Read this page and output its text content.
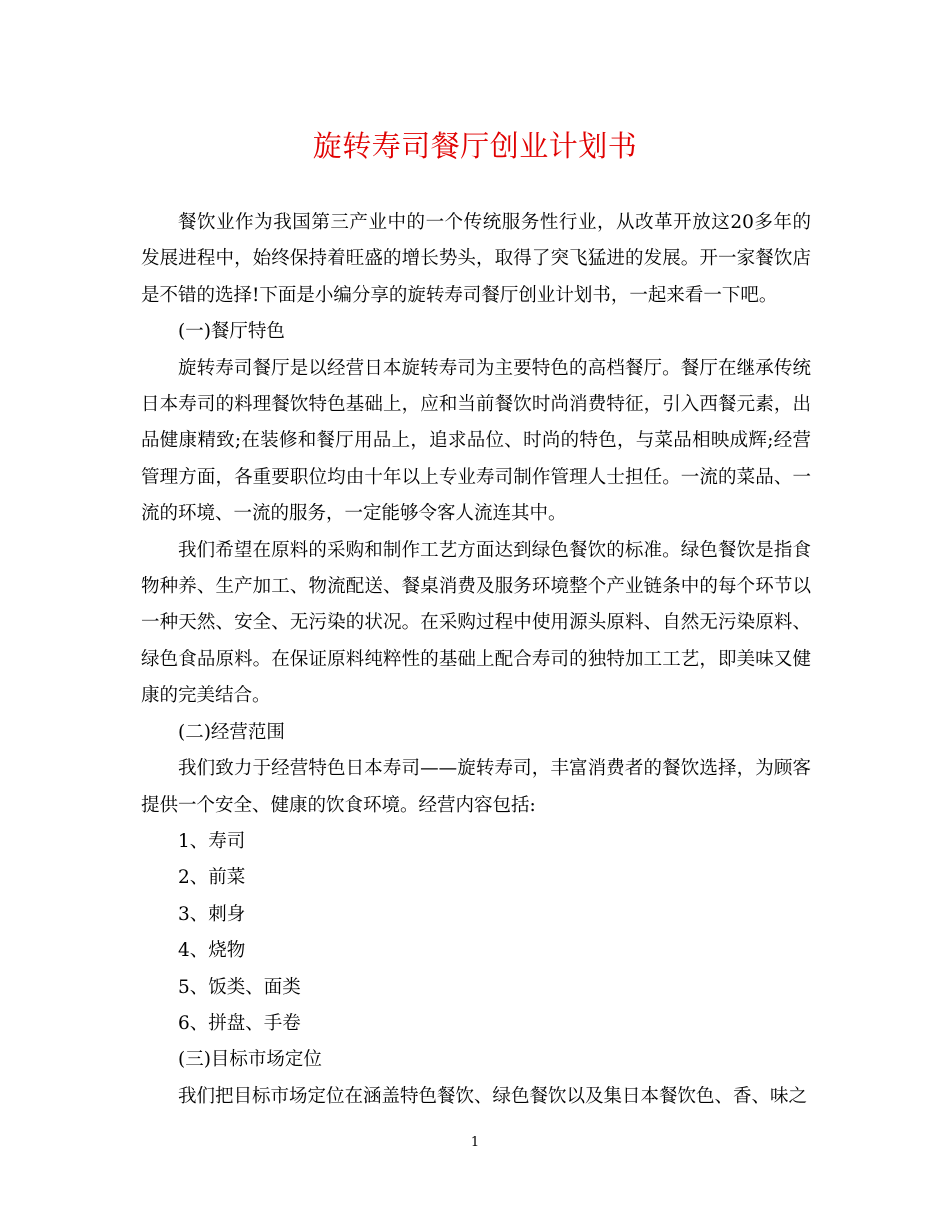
旋转寿司餐厅创业计划书

餐饮业作为我国第三产业中的一个传统服务性行业，从改革开放这20多年的发展进程中，始终保持着旺盛的增长势头，取得了突飞猛进的发展。开一家餐饮店是不错的选择!下面是小编分享的旋转寿司餐厅创业计划书，一起来看一下吧。

(一)餐厅特色

旋转寿司餐厅是以经营日本旋转寿司为主要特色的高档餐厅。餐厅在继承传统日本寿司的料理餐饮特色基础上，应和当前餐饮时尚消费特征，引入西餐元素，出品健康精致;在装修和餐厅用品上，追求品位、时尚的特色，与菜品相映成辉;经营管理方面，各重要职位均由十年以上专业寿司制作管理人士担任。一流的菜品、一流的环境、一流的服务，一定能够令客人流连其中。

我们希望在原料的采购和制作工艺方面达到绿色餐饮的标准。绿色餐饮是指食物种养、生产加工、物流配送、餐桌消费及服务环境整个产业链条中的每个环节以一种天然、安全、无污染的状况。在采购过程中使用源头原料、自然无污染原料、绿色食品原料。在保证原料纯粹性的基础上配合寿司的独特加工工艺，即美味又健康的完美结合。

(二)经营范围

我们致力于经营特色日本寿司——旋转寿司，丰富消费者的餐饮选择，为顾客提供一个安全、健康的饮食环境。经营内容包括:

1、寿司

2、前菜

3、刺身

4、烧物

5、饭类、面类

6、拼盘、手卷

(三)目标市场定位

我们把目标市场定位在涵盖特色餐饮、绿色餐饮以及集日本餐饮色、香、味之

1
